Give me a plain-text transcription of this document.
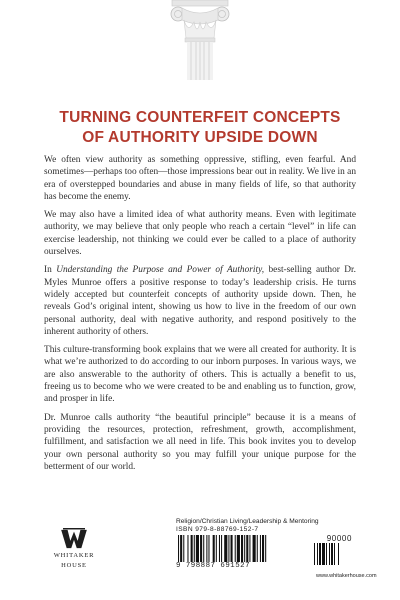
TURNING COUNTERFEIT CONCEPTS
OF AUTHORITY UPSIDE DOWN

We often view authority as something oppressive, stifling, even fearful. And sometimes—perhaps too often—those impressions bear out in reality. We live in an era of overstepped boundaries and abuse in many fields of life, so that authority has become the enemy.

We may also have a limited idea of what authority means. Even with legitimate authority, we may believe that only people who reach a certain “level” in life can exercise leadership, not thinking we could ever be called to a place of authority ourselves.

In Understanding the Purpose and Power of Authority, best-selling author Dr. Myles Munroe offers a positive response to today’s leadership crisis. He turns widely accepted but counterfeit concepts of authority upside down. Then, he reveals God’s original intent, showing us how to live in the freedom of our own personal authority, deal with negative authority, and respond positively to the inherent authority of others.

This culture-transforming book explains that we were all created for authority. It is what we’re authorized to do according to our inborn purposes. In various ways, we are also answerable to the authority of others. This is actually a benefit to us, freeing us to become who we were created to be and enabling us to function, grow, and prosper in life.

Dr. Munroe calls authority “the beautiful principle” because it is a means of providing the resources, protection, refreshment, growth, accomplishment, fulfillment, and satisfaction we all need in life. This book invites you to develop your own personal authority so you may fulfill your unique purpose for the betterment of our world.

WHITAKER
HOUSE
Religion/Christian Living/Leadership & Mentoring
ISBN 979-8-88769-152-7
90000
9 798887 691527
www.whitakerhouse.com
